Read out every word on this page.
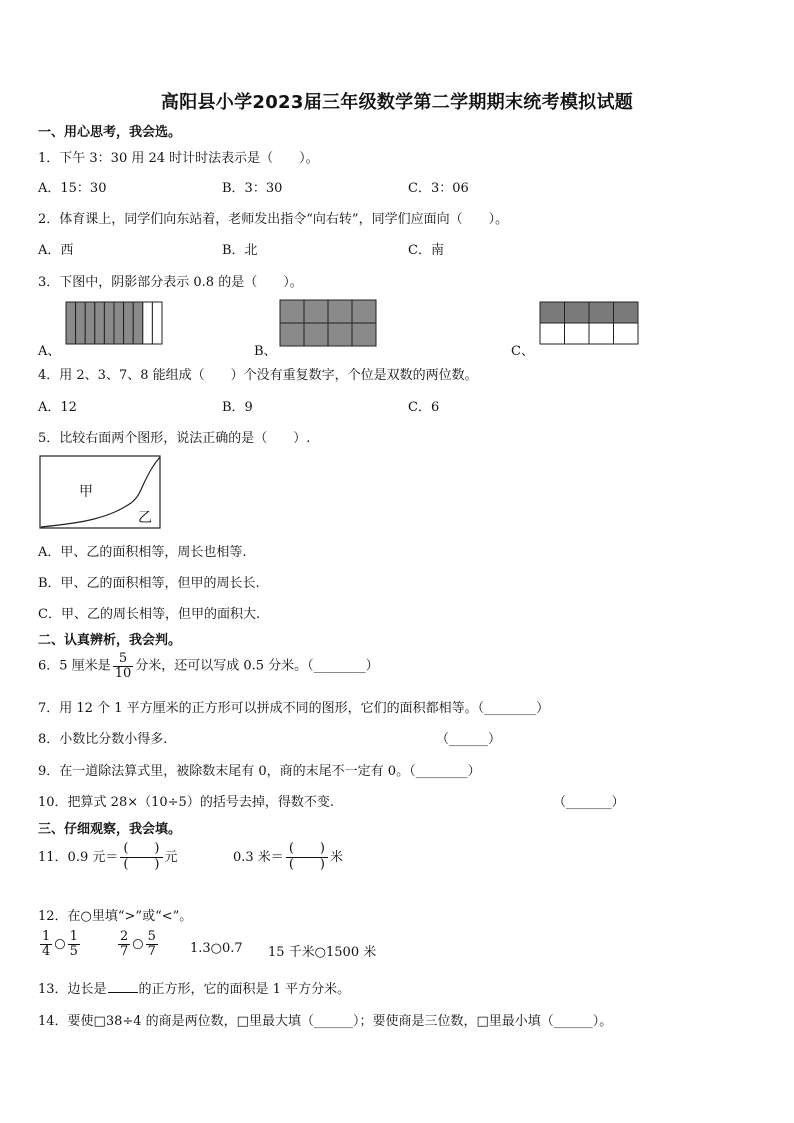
高阳县小学2023届三年级数学第二学期期末统考模拟试题
一、用心思考，我会选。
1．下午 3：30 用 24 时计时法表示是（　　）。
A．15：30	B．3：30	C．3：06
2．体育课上，同学们向东站着，老师发出指令“向右转”，同学们应面向（　　）。
A．西	B．北	C．南
3．下图中，阴影部分表示 0.8 的是（　　）。
A、	B、	C、
4．用 2、3、7、8 能组成（　　）个没有重复数字，个位是双数的两位数。
A．12	B．9	C．6
5．比较右面两个图形，说法正确的是（　　）.
甲
乙
A．甲、乙的面积相等，周长也相等.
B．甲、乙的面积相等，但甲的周长长.
C．甲、乙的周长相等，但甲的面积大.
二、认真辨析，我会判。
6．5 厘米是 $\frac{5}{10}$ 分米，还可以写成 0.5 分米。（________）
7．用 12 个 1 平方厘米的正方形可以拼成不同的图形，它们的面积都相等。（________）
8．小数比分数小得多.	（______）
9．在一道除法算式里，被除数末尾有 0，商的末尾不一定有 0。（________）
10．把算式 28×（10÷5）的括号去掉，得数不变.	（_______）
三、仔细观察，我会填。
11．0.9 元＝ $\frac{( )}{( )}$ 元	0.3 米＝ $\frac{( )}{( )}$ 米
12．在○里填“>”或“<”。
$\frac{1}{4}$ ○ $\frac{1}{5}$	$\frac{2}{7}$ ○ $\frac{5}{7}$ 1.3○0.7 15 千米○1500 米
13．边长是 的正方形，它的面积是 1 平方分米。
14．要使□38÷4 的商是两位数，□里最大填（______）；要使商是三位数，□里最小填（______）。
